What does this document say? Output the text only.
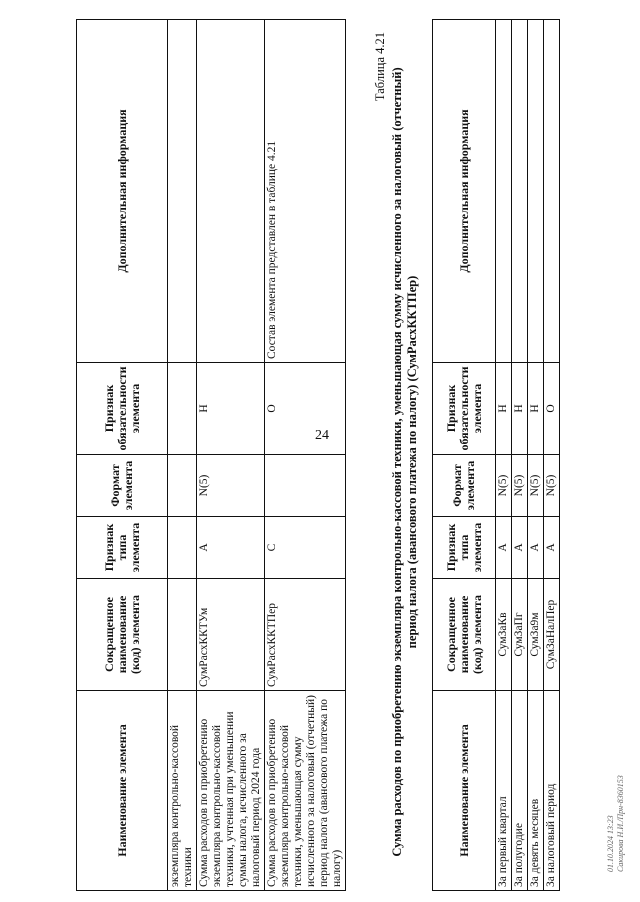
24
Наименование элемента	Сокращенное наименование (код) элемента	Признак типа элемента	Формат элемента	Признак обязательности элемента	Дополнительная информация
экземпляра контрольно-кассовой техники					
Сумма расходов по приобретению экземпляра контрольно-кассовой техники, учтенная при уменьшении суммы налога, исчисленного за налоговый период 2024 года	СумРасхККТУм	А	N(5)	Н	
Сумма расходов по приобретению экземпляра контрольно-кассовой техники, уменьшающая сумму исчисленного за налоговый (отчетный) период налога (авансового платежа по налогу)	СумРасхККТПер	С		О	Состав элемента представлен в таблице 4.21
Таблица 4.21
Сумма расходов по приобретению экземпляра контрольно-кассовой техники, уменьшающая сумму исчисленного за налоговый (отчетный) период налога (авансового платежа по налогу) (СумРасхККТПер)
Наименование элемента	Сокращенное наименование (код) элемента	Признак типа элемента	Формат элемента	Признак обязательности элемента	Дополнительная информация
За первый квартал	СумЗаКв	А	N(5)	Н	
За полугодие	СумЗаПг	А	N(5)	Н	
За девять месяцев	СумЗа9м	А	N(5)	Н	
За налоговый период	СумЗаНалПер	А	N(5)	О	
01.10.2024 13:23 Сакирова Н.И./Прн-8360153
